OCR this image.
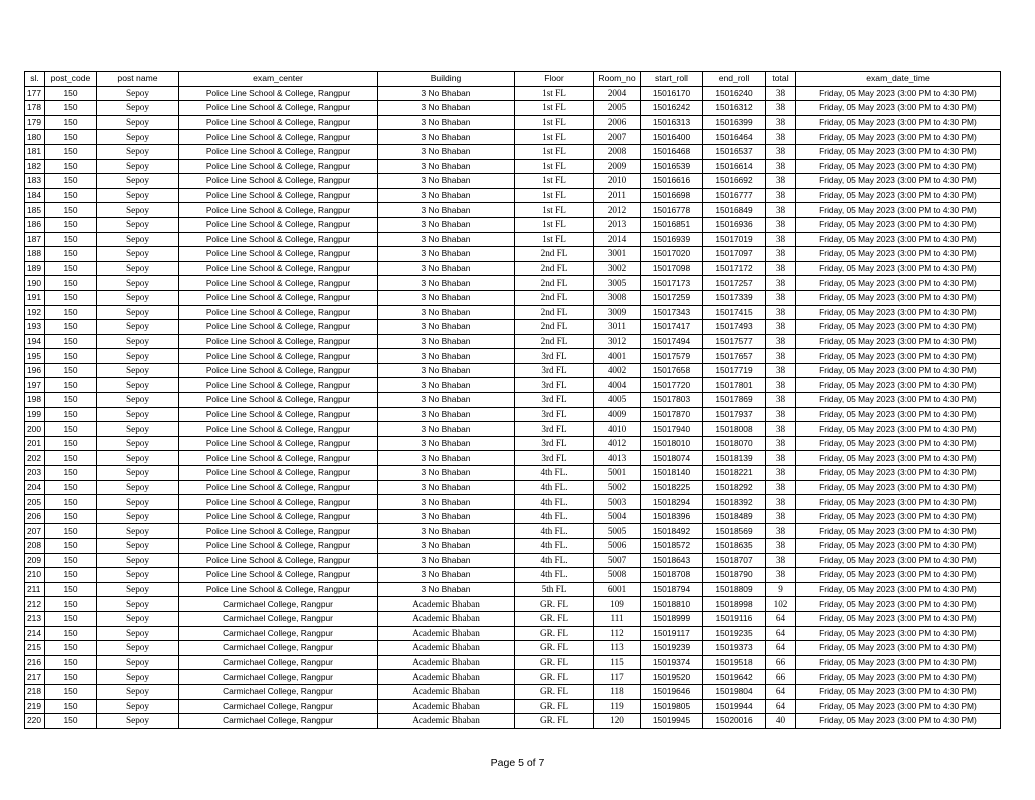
sl.	post_code	post name	exam_center	Building	Floor	Room_no	start_roll	end_roll	total	exam_date_time
177	150	Sepoy	Police Line School & College, Rangpur	3 No Bhaban	1st FL	2004	15016170	15016240	38	Friday, 05 May 2023 (3:00 PM to 4:30 PM)
178	150	Sepoy	Police Line School & College, Rangpur	3 No Bhaban	1st FL	2005	15016242	15016312	38	Friday, 05 May 2023 (3:00 PM to 4:30 PM)
179	150	Sepoy	Police Line School & College, Rangpur	3 No Bhaban	1st FL	2006	15016313	15016399	38	Friday, 05 May 2023 (3:00 PM to 4:30 PM)
180	150	Sepoy	Police Line School & College, Rangpur	3 No Bhaban	1st FL	2007	15016400	15016464	38	Friday, 05 May 2023 (3:00 PM to 4:30 PM)
181	150	Sepoy	Police Line School & College, Rangpur	3 No Bhaban	1st FL	2008	15016468	15016537	38	Friday, 05 May 2023 (3:00 PM to 4:30 PM)
182	150	Sepoy	Police Line School & College, Rangpur	3 No Bhaban	1st FL	2009	15016539	15016614	38	Friday, 05 May 2023 (3:00 PM to 4:30 PM)
183	150	Sepoy	Police Line School & College, Rangpur	3 No Bhaban	1st FL	2010	15016616	15016692	38	Friday, 05 May 2023 (3:00 PM to 4:30 PM)
184	150	Sepoy	Police Line School & College, Rangpur	3 No Bhaban	1st FL	2011	15016698	15016777	38	Friday, 05 May 2023 (3:00 PM to 4:30 PM)
185	150	Sepoy	Police Line School & College, Rangpur	3 No Bhaban	1st FL	2012	15016778	15016849	38	Friday, 05 May 2023 (3:00 PM to 4:30 PM)
186	150	Sepoy	Police Line School & College, Rangpur	3 No Bhaban	1st FL	2013	15016851	15016936	38	Friday, 05 May 2023 (3:00 PM to 4:30 PM)
187	150	Sepoy	Police Line School & College, Rangpur	3 No Bhaban	1st FL	2014	15016939	15017019	38	Friday, 05 May 2023 (3:00 PM to 4:30 PM)
188	150	Sepoy	Police Line School & College, Rangpur	3 No Bhaban	2nd FL	3001	15017020	15017097	38	Friday, 05 May 2023 (3:00 PM to 4:30 PM)
189	150	Sepoy	Police Line School & College, Rangpur	3 No Bhaban	2nd FL	3002	15017098	15017172	38	Friday, 05 May 2023 (3:00 PM to 4:30 PM)
190	150	Sepoy	Police Line School & College, Rangpur	3 No Bhaban	2nd FL	3005	15017173	15017257	38	Friday, 05 May 2023 (3:00 PM to 4:30 PM)
191	150	Sepoy	Police Line School & College, Rangpur	3 No Bhaban	2nd FL	3008	15017259	15017339	38	Friday, 05 May 2023 (3:00 PM to 4:30 PM)
192	150	Sepoy	Police Line School & College, Rangpur	3 No Bhaban	2nd FL	3009	15017343	15017415	38	Friday, 05 May 2023 (3:00 PM to 4:30 PM)
193	150	Sepoy	Police Line School & College, Rangpur	3 No Bhaban	2nd FL	3011	15017417	15017493	38	Friday, 05 May 2023 (3:00 PM to 4:30 PM)
194	150	Sepoy	Police Line School & College, Rangpur	3 No Bhaban	2nd FL	3012	15017494	15017577	38	Friday, 05 May 2023 (3:00 PM to 4:30 PM)
195	150	Sepoy	Police Line School & College, Rangpur	3 No Bhaban	3rd FL	4001	15017579	15017657	38	Friday, 05 May 2023 (3:00 PM to 4:30 PM)
196	150	Sepoy	Police Line School & College, Rangpur	3 No Bhaban	3rd FL	4002	15017658	15017719	38	Friday, 05 May 2023 (3:00 PM to 4:30 PM)
197	150	Sepoy	Police Line School & College, Rangpur	3 No Bhaban	3rd FL	4004	15017720	15017801	38	Friday, 05 May 2023 (3:00 PM to 4:30 PM)
198	150	Sepoy	Police Line School & College, Rangpur	3 No Bhaban	3rd FL	4005	15017803	15017869	38	Friday, 05 May 2023 (3:00 PM to 4:30 PM)
199	150	Sepoy	Police Line School & College, Rangpur	3 No Bhaban	3rd FL	4009	15017870	15017937	38	Friday, 05 May 2023 (3:00 PM to 4:30 PM)
200	150	Sepoy	Police Line School & College, Rangpur	3 No Bhaban	3rd FL	4010	15017940	15018008	38	Friday, 05 May 2023 (3:00 PM to 4:30 PM)
201	150	Sepoy	Police Line School & College, Rangpur	3 No Bhaban	3rd FL	4012	15018010	15018070	38	Friday, 05 May 2023 (3:00 PM to 4:30 PM)
202	150	Sepoy	Police Line School & College, Rangpur	3 No Bhaban	3rd FL	4013	15018074	15018139	38	Friday, 05 May 2023 (3:00 PM to 4:30 PM)
203	150	Sepoy	Police Line School & College, Rangpur	3 No Bhaban	4th FL.	5001	15018140	15018221	38	Friday, 05 May 2023 (3:00 PM to 4:30 PM)
204	150	Sepoy	Police Line School & College, Rangpur	3 No Bhaban	4th FL.	5002	15018225	15018292	38	Friday, 05 May 2023 (3:00 PM to 4:30 PM)
205	150	Sepoy	Police Line School & College, Rangpur	3 No Bhaban	4th FL.	5003	15018294	15018392	38	Friday, 05 May 2023 (3:00 PM to 4:30 PM)
206	150	Sepoy	Police Line School & College, Rangpur	3 No Bhaban	4th FL.	5004	15018396	15018489	38	Friday, 05 May 2023 (3:00 PM to 4:30 PM)
207	150	Sepoy	Police Line School & College, Rangpur	3 No Bhaban	4th FL.	5005	15018492	15018569	38	Friday, 05 May 2023 (3:00 PM to 4:30 PM)
208	150	Sepoy	Police Line School & College, Rangpur	3 No Bhaban	4th FL.	5006	15018572	15018635	38	Friday, 05 May 2023 (3:00 PM to 4:30 PM)
209	150	Sepoy	Police Line School & College, Rangpur	3 No Bhaban	4th FL.	5007	15018643	15018707	38	Friday, 05 May 2023 (3:00 PM to 4:30 PM)
210	150	Sepoy	Police Line School & College, Rangpur	3 No Bhaban	4th FL.	5008	15018708	15018790	38	Friday, 05 May 2023 (3:00 PM to 4:30 PM)
211	150	Sepoy	Police Line School & College, Rangpur	3 No Bhaban	5th FL	6001	15018794	15018809	9	Friday, 05 May 2023 (3:00 PM to 4:30 PM)
212	150	Sepoy	Carmichael College, Rangpur	Academic Bhaban	GR. FL	109	15018810	15018998	102	Friday, 05 May 2023 (3:00 PM to 4:30 PM)
213	150	Sepoy	Carmichael College, Rangpur	Academic Bhaban	GR. FL	111	15018999	15019116	64	Friday, 05 May 2023 (3:00 PM to 4:30 PM)
214	150	Sepoy	Carmichael College, Rangpur	Academic Bhaban	GR. FL	112	15019117	15019235	64	Friday, 05 May 2023 (3:00 PM to 4:30 PM)
215	150	Sepoy	Carmichael College, Rangpur	Academic Bhaban	GR. FL	113	15019239	15019373	64	Friday, 05 May 2023 (3:00 PM to 4:30 PM)
216	150	Sepoy	Carmichael College, Rangpur	Academic Bhaban	GR. FL	115	15019374	15019518	66	Friday, 05 May 2023 (3:00 PM to 4:30 PM)
217	150	Sepoy	Carmichael College, Rangpur	Academic Bhaban	GR. FL	117	15019520	15019642	66	Friday, 05 May 2023 (3:00 PM to 4:30 PM)
218	150	Sepoy	Carmichael College, Rangpur	Academic Bhaban	GR. FL	118	15019646	15019804	64	Friday, 05 May 2023 (3:00 PM to 4:30 PM)
219	150	Sepoy	Carmichael College, Rangpur	Academic Bhaban	GR. FL	119	15019805	15019944	64	Friday, 05 May 2023 (3:00 PM to 4:30 PM)
220	150	Sepoy	Carmichael College, Rangpur	Academic Bhaban	GR. FL	120	15019945	15020016	40	Friday, 05 May 2023 (3:00 PM to 4:30 PM)
Page 5 of 7
